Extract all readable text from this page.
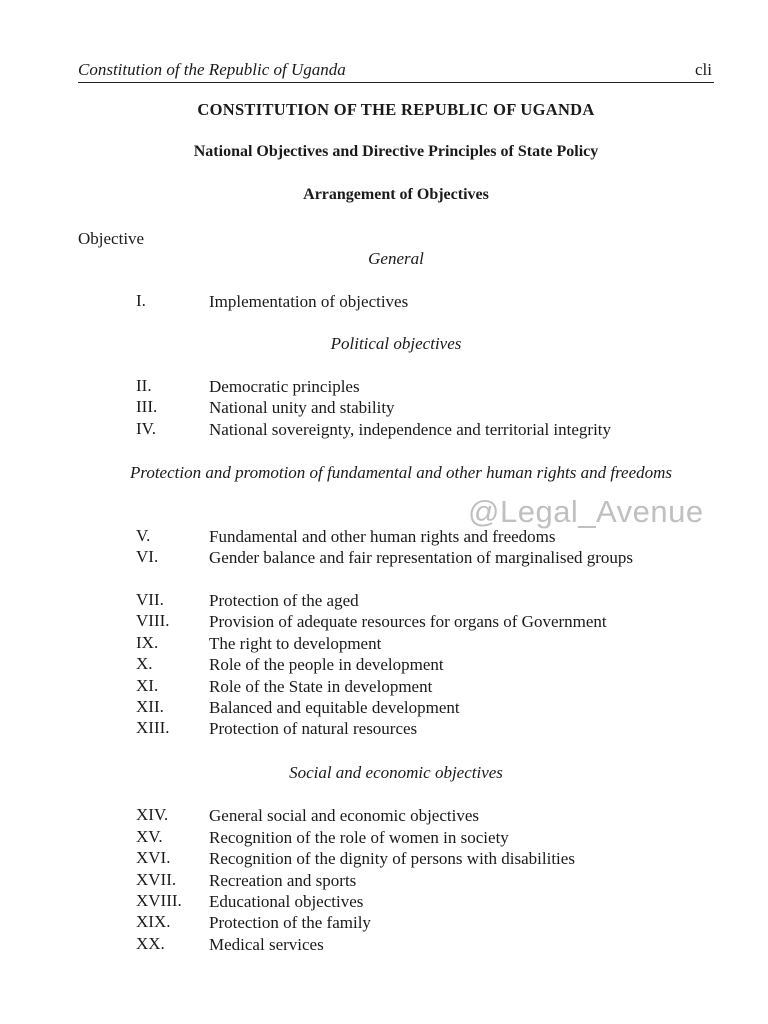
Constitution of the Republic of Uganda	cli
CONSTITUTION OF THE REPUBLIC OF UGANDA
National Objectives and Directive Principles of State Policy
Arrangement of Objectives
Objective
General
I.	Implementation of objectives
Political objectives
II.	Democratic principles
III.	National unity and stability
IV.	National sovereignty, independence and territorial integrity
Protection and promotion of fundamental and other human rights and freedoms
@Legal_Avenue
V.	Fundamental and other human rights and freedoms
VI.	Gender balance and fair representation of marginalised groups
VII.	Protection of the aged
VIII. Provision of adequate resources for organs of Government
IX.	The right to development
X.	Role of the people in development
XI.	Role of the State in development
XII.	Balanced and equitable development
XIII. Protection of natural resources
Social and economic objectives
XIV. General social and economic objectives
XV.	Recognition of the role of women in society
XVI. Recognition of the dignity of persons with disabilities
XVII. Recreation and sports
XVIII. Educational objectives
XIX. Protection of the family
XX.	Medical services
